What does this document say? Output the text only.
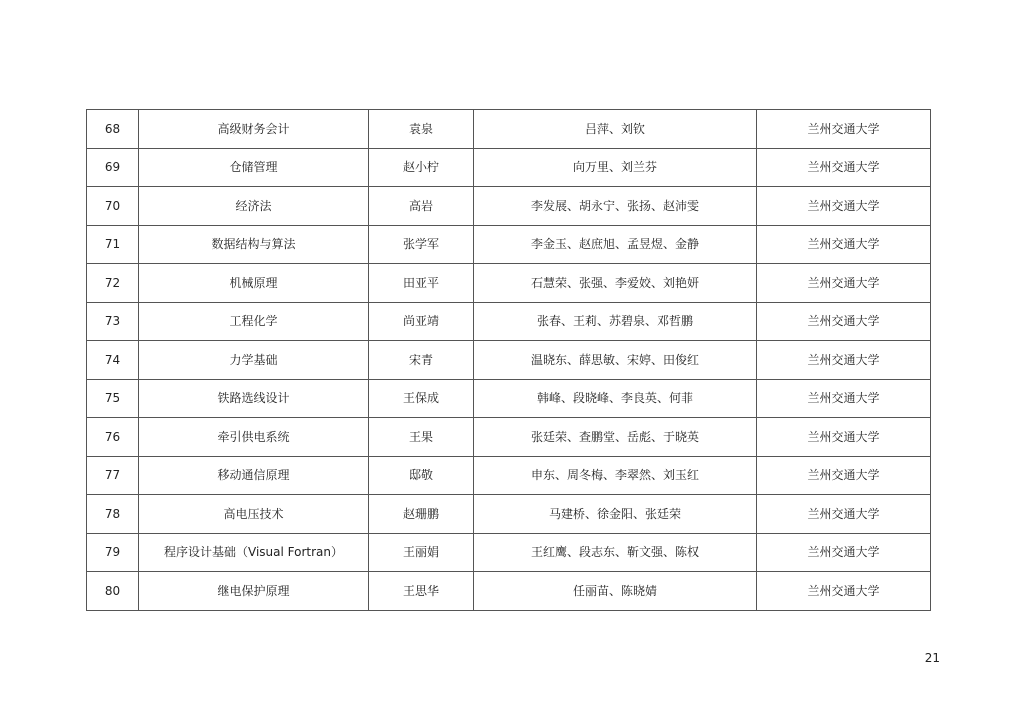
68	高级财务会计	袁泉	吕萍、刘钦	兰州交通大学
69	仓储管理	赵小柠	向万里、刘兰芬	兰州交通大学
70	经济法	高岩	李发展、胡永宁、张扬、赵沛雯	兰州交通大学
71	数据结构与算法	张学军	李金玉、赵庶旭、孟昱煜、金静	兰州交通大学
72	机械原理	田亚平	石慧荣、张强、李爱姣、刘艳妍	兰州交通大学
73	工程化学	尚亚靖	张春、王莉、苏碧泉、邓哲鹏	兰州交通大学
74	力学基础	宋青	温晓东、薛思敏、宋婷、田俊红	兰州交通大学
75	铁路选线设计	王保成	韩峰、段晓峰、李良英、何菲	兰州交通大学
76	牵引供电系统	王果	张廷荣、查鹏堂、岳彪、于晓英	兰州交通大学
77	移动通信原理	邸敬	申东、周冬梅、李翠然、刘玉红	兰州交通大学
78	高电压技术	赵珊鹏	马建桥、徐金阳、张廷荣	兰州交通大学
79	程序设计基础（Visual Fortran）	王丽娟	王红鹰、段志东、靳文强、陈权	兰州交通大学
80	继电保护原理	王思华	任丽苗、陈晓婧	兰州交通大学
21
